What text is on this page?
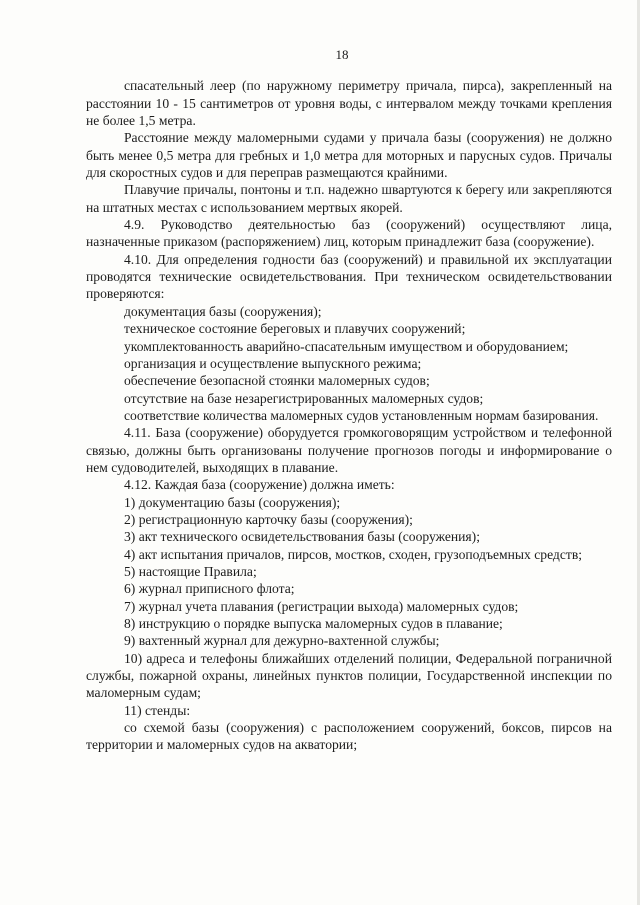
18

спасательный леер (по наружному периметру причала, пирса), закрепленный на расстоянии 10 - 15 сантиметров от уровня воды, с интервалом между точками крепления не более 1,5 метра.

Расстояние между маломерными судами у причала базы (сооружения) не должно быть менее 0,5 метра для гребных и 1,0 метра для моторных и парусных судов. Причалы для скоростных судов и для переправ размещаются крайними.

Плавучие причалы, понтоны и т.п. надежно швартуются к берегу или закрепляются на штатных местах с использованием мертвых якорей.

4.9. Руководство деятельностью баз (сооружений) осуществляют лица, назначенные приказом (распоряжением) лиц, которым принадлежит база (сооружение).

4.10. Для определения годности баз (сооружений) и правильной их эксплуатации проводятся технические освидетельствования. При техническом освидетельствовании проверяются:

документация базы (сооружения);

техническое состояние береговых и плавучих сооружений;

укомплектованность аварийно-спасательным имуществом и оборудованием;

организация и осуществление выпускного режима;

обеспечение безопасной стоянки маломерных судов;

отсутствие на базе незарегистрированных маломерных судов;

соответствие количества маломерных судов установленным нормам базирования.

4.11. База (сооружение) оборудуется громкоговорящим устройством и телефонной связью, должны быть организованы получение прогнозов погоды и информирование о нем судоводителей, выходящих в плавание.

4.12. Каждая база (сооружение) должна иметь:

1) документацию базы (сооружения);

2) регистрационную карточку базы (сооружения);

3) акт технического освидетельствования базы (сооружения);

4) акт испытания причалов, пирсов, мостков, сходен, грузоподъемных средств;

5) настоящие Правила;

6) журнал приписного флота;

7) журнал учета плавания (регистрации выхода) маломерных судов;

8) инструкцию о порядке выпуска маломерных судов в плавание;

9) вахтенный журнал для дежурно-вахтенной службы;

10) адреса и телефоны ближайших отделений полиции, Федеральной пограничной службы, пожарной охраны, линейных пунктов полиции, Государственной инспекции по маломерным судам;

11) стенды:

со схемой базы (сооружения) с расположением сооружений, боксов, пирсов на территории и маломерных судов на акватории;
